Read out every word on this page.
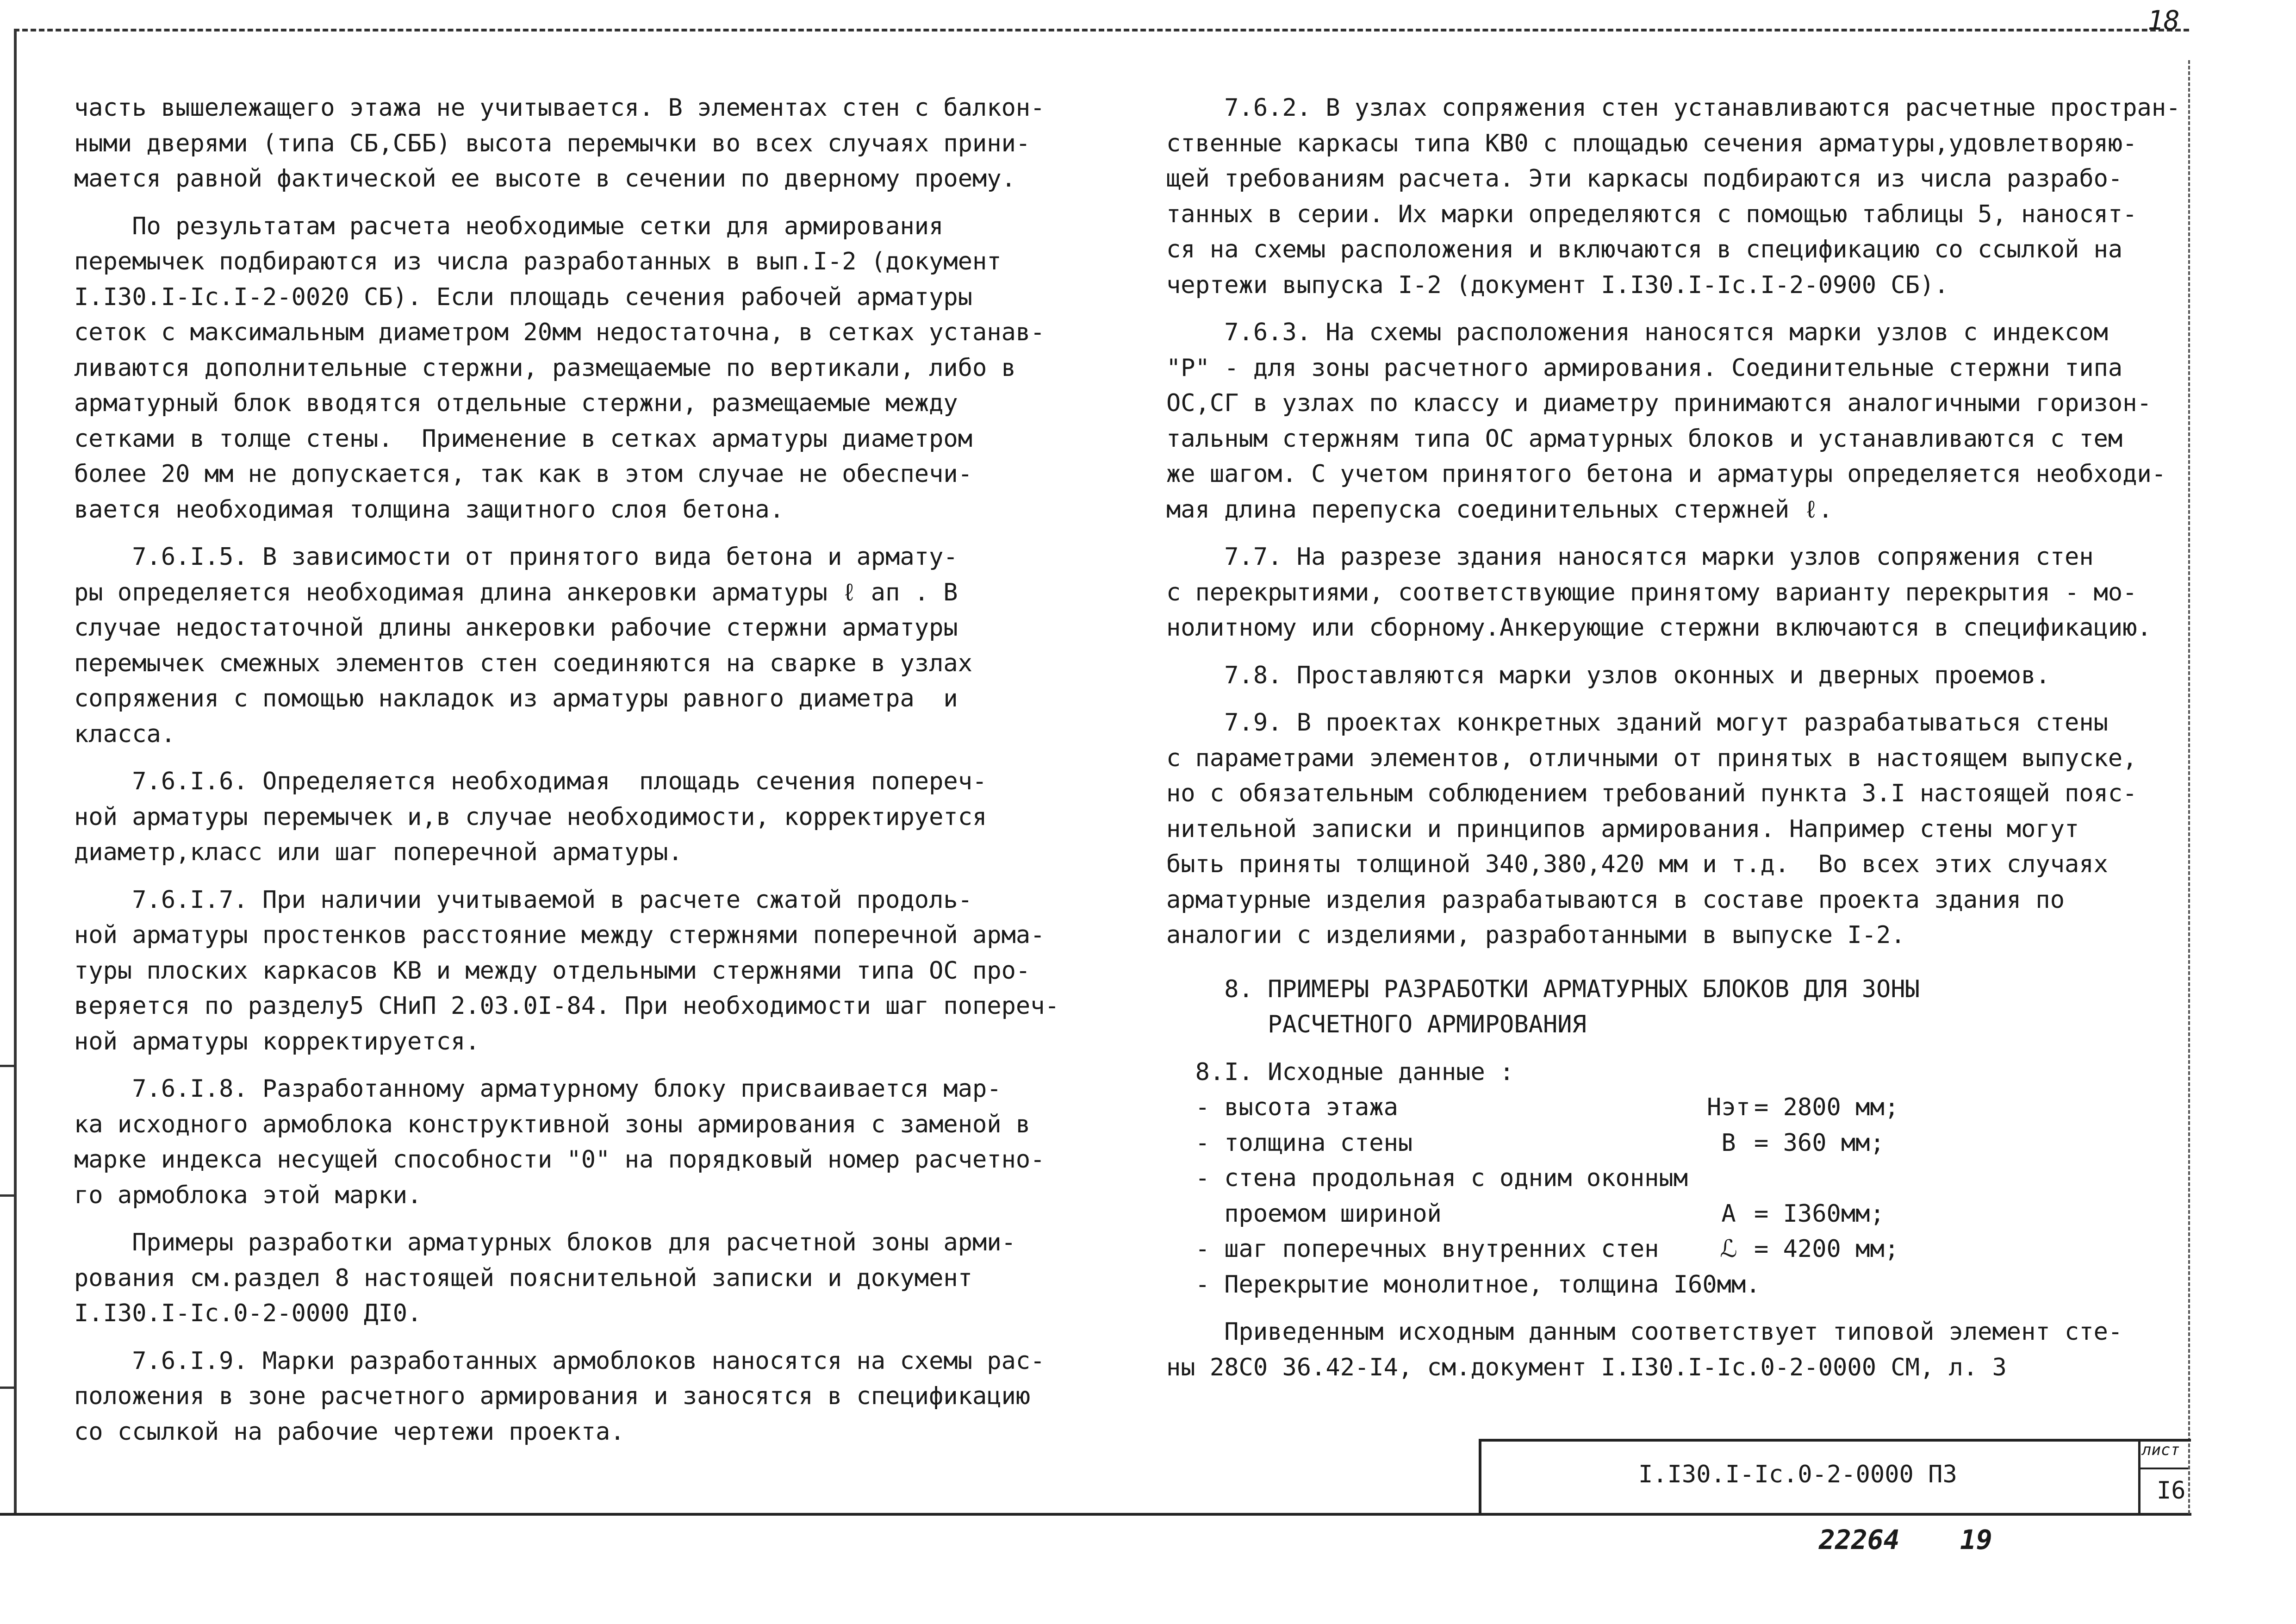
18

часть вышележащего этажа не учитывается. В элементах стен с балкон-
ными дверями (типа СБ,СББ) высота перемычки во всех случаях прини-
мается равной фактической ее высоте в сечении по дверному проему.

По результатам расчета необходимые сетки для армирования
перемычек подбираются из числа разработанных в вып.I-2 (документ
I.I30.I-Ic.I-2-0020 СБ). Если площадь сечения рабочей арматуры
сеток с максимальным диаметром 20мм недостаточна, в сетках устанав-
ливаются дополнительные стержни, размещаемые по вертикали, либо в
арматурный блок вводятся отдельные стержни, размещаемые между
сетками в толще стены.  Применение в сетках арматуры диаметром
более 20 мм не допускается, так как в этом случае не обеспечи-
вается необходимая толщина защитного слоя бетона.

7.6.I.5. В зависимости от принятого вида бетона и армату-
ры определяется необходимая длина анкеровки арматуры ℓ ап . В
случае недостаточной длины анкеровки рабочие стержни арматуры
перемычек смежных элементов стен соединяются на сварке в узлах
сопряжения с помощью накладок из арматуры равного диаметра  и
класса.

7.6.I.6. Определяется необходимая  площадь сечения попереч-
ной арматуры перемычек и,в случае необходимости, корректируется
диаметр,класс или шаг поперечной арматуры.

7.6.I.7. При наличии учитываемой в расчете сжатой продоль-
ной арматуры простенков расстояние между стержнями поперечной арма-
туры плоских каркасов КВ и между отдельными стержнями типа ОС про-
веряется по разделу5 СНиП 2.03.0I-84. При необходимости шаг попереч-
ной арматуры корректируется.

7.6.I.8. Разработанному арматурному блоку присваивается мар-
ка исходного армоблока конструктивной зоны армирования с заменой в
марке индекса несущей способности "0" на порядковый номер расчетно-
го армоблока этой марки.

Примеры разработки арматурных блоков для расчетной зоны арми-
рования см.раздел 8 настоящей пояснительной записки и документ
I.I30.I-Ic.0-2-0000 ДI0.

7.6.I.9. Марки разработанных армоблоков наносятся на схемы рас-
положения в зоне расчетного армирования и заносятся в спецификацию
со ссылкой на рабочие чертежи проекта.

7.6.2. В узлах сопряжения стен устанавливаются расчетные простран-
ственные каркасы типа КВ0 с площадью сечения арматуры,удовлетворяю-
щей требованиям расчета. Эти каркасы подбираются из числа разрабо-
танных в серии. Их марки определяются с помощью таблицы 5, наносят-
ся на схемы расположения и включаются в спецификацию со ссылкой на
чертежи выпуска I-2 (документ I.I30.I-Ic.I-2-0900 СБ).

7.6.3. На схемы расположения наносятся марки узлов с индексом
"Р" - для зоны расчетного армирования. Соединительные стержни типа
ОС,СГ в узлах по классу и диаметру принимаются аналогичными горизон-
тальным стержням типа ОС арматурных блоков и устанавливаются с тем
же шагом. С учетом принятого бетона и арматуры определяется необходи-
мая длина перепуска соединительных стержней ℓ.

7.7. На разрезе здания наносятся марки узлов сопряжения стен
с перекрытиями, соответствующие принятому варианту перекрытия - мо-
нолитному или сборному.Анкерующие стержни включаются в спецификацию.

7.8. Проставляются марки узлов оконных и дверных проемов.

7.9. В проектах конкретных зданий могут разрабатываться стены
с параметрами элементов, отличными от принятых в настоящем выпуске,
но с обязательным соблюдением требований пункта 3.I настоящей пояс-
нительной записки и принципов армирования. Например стены могут
быть приняты толщиной 340,380,420 мм и т.д.  Во всех этих случаях
арматурные изделия разрабатываются в составе проекта здания по
аналогии с изделиями, разработанными в выпуске I-2.

8. ПРИМЕРЫ РАЗРАБОТКИ АРМАТУРНЫХ БЛОКОВ ДЛЯ ЗОНЫ
РАСЧЕТНОГО АРМИРОВАНИЯ

8.I. Исходные данные :
- высота этажа	Нэт = 2800 мм;
- толщина стены	В = 360 мм;
- стена продольная с одним оконным
проемом шириной	А = I360мм;
- шаг поперечных внутренних стен	ℒ = 4200 мм;
- Перекрытие монолитное, толщина I60мм.

Приведенным исходным данным соответствует типовой элемент сте-
ны 28С0 36.42-I4, см.документ I.I30.I-Ic.0-2-0000 СМ, л. 3

I.I30.I-Ic.0-2-0000 ПЗ
лист
I6
22264 19
